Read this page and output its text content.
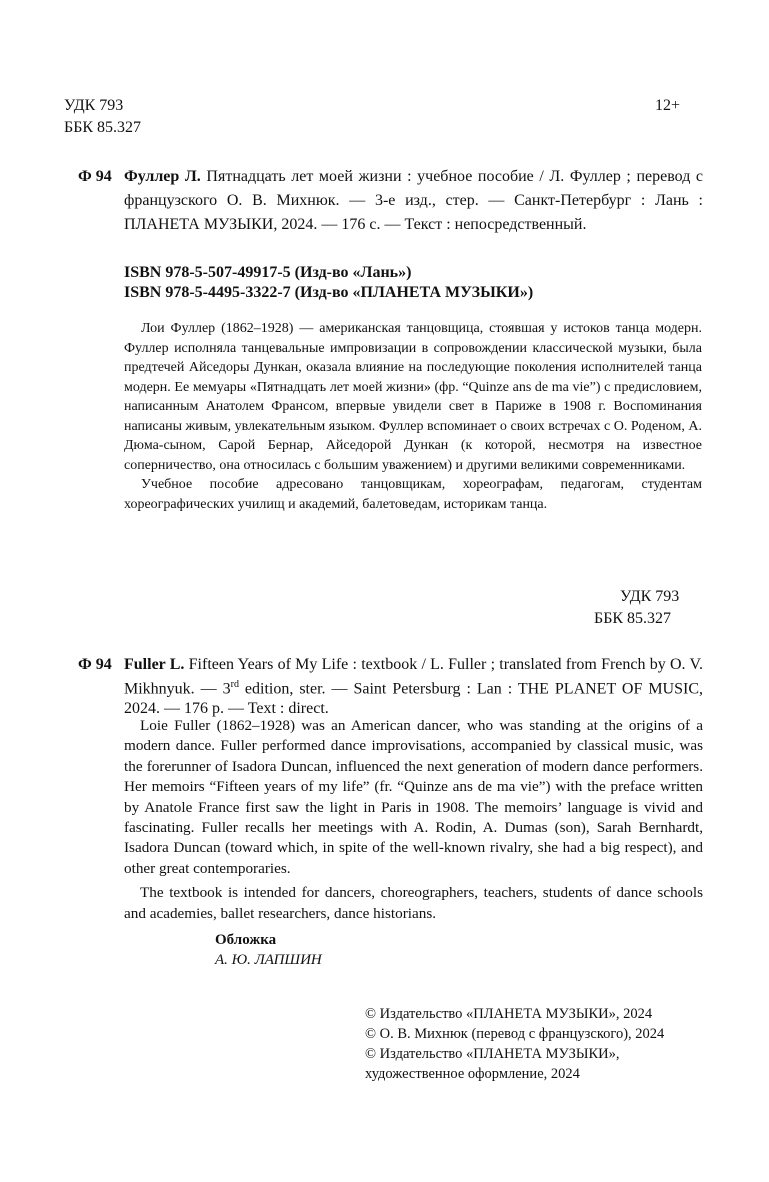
УДК 793
ББК 85.327
12+
Ф 94 Фуллер Л. Пятнадцать лет моей жизни : учебное пособие / Л. Фуллер ; перевод с французского О. В. Михнюк. — 3-е изд., стер. — Санкт-Петербург : Лань : ПЛАНЕТА МУЗЫКИ, 2024. — 176 с. — Текст : непосредственный.
ISBN 978-5-507-49917-5 (Изд-во «Лань»)
ISBN 978-5-4495-3322-7 (Изд-во «ПЛАНЕТА МУЗЫКИ»)

Лои Фуллер (1862–1928) — американская танцовщица, стоявшая у истоков танца модерн. Фуллер исполняла танцевальные импровизации в сопровождении классической музыки, была предтечей Айседоры Дункан, оказала влияние на последующие поколения исполнителей танца модерн. Ее мемуары «Пятнадцать лет моей жизни» (фр. “Quinze ans de ma vie”) с предисловием, написанным Анатолем Франсом, впервые увидели свет в Париже в 1908 г. Воспоминания написаны живым, увлекательным языком. Фуллер вспоминает о своих встречах с О. Роденом, А. Дюма-сыном, Сарой Бернар, Айседорой Дункан (к которой, несмотря на известное соперничество, она относилась с большим уважением) и другими великими современниками.

Учебное пособие адресовано танцовщикам, хореографам, педагогам, студентам хореографических училищ и академий, балетоведам, историкам танца.

УДК 793
ББК 85.327
Ф 94 Fuller L. Fifteen Years of My Life : textbook / L. Fuller ; translated from French by O. V. Mikhnyuk. — 3rd edition, ster. — Saint Petersburg : Lan : THE PLANET OF MUSIC, 2024. — 176 p. — Text : direct.

Loie Fuller (1862–1928) was an American dancer, who was standing at the origins of a modern dance. Fuller performed dance improvisations, accompanied by classical music, was the forerunner of Isadora Duncan, influenced the next generation of modern dance performers. Her memoirs “Fifteen years of my life” (fr. “Quinze ans de ma vie”) with the preface written by Anatole France first saw the light in Paris in 1908. The memoirs’ language is vivid and fascinating. Fuller recalls her meetings with A. Rodin, A. Dumas (son), Sarah Bernhardt, Isadora Duncan (toward which, in spite of the well-known rivalry, she had a big respect), and other great contemporaries.

The textbook is intended for dancers, choreographers, teachers, students of dance schools and academies, ballet researchers, dance historians.

Обложка
А. Ю. ЛАПШИН
© Издательство «ПЛАНЕТА МУЗЫКИ», 2024
© О. В. Михнюк (перевод с французского), 2024
© Издательство «ПЛАНЕТА МУЗЫКИ»,
художественное оформление, 2024
